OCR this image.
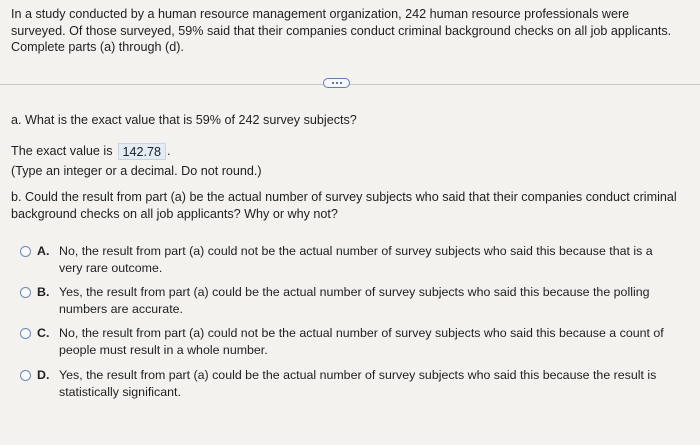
In a study conducted by a human resource management organization, 242 human resource professionals were
surveyed. Of those surveyed, 59% said that their companies conduct criminal background checks on all job applicants.
Complete parts (a) through (d).
a. What is the exact value that is 59% of 242 survey subjects?
The exact value is 142.78 .
(Type an integer or a decimal. Do not round.)
b. Could the result from part (a) be the actual number of survey subjects who said that their companies conduct criminal
background checks on all job applicants? Why or why not?
A. No, the result from part (a) could not be the actual number of survey subjects who said this because that is a
very rare outcome.
B. Yes, the result from part (a) could be the actual number of survey subjects who said this because the polling
numbers are accurate.
C. No, the result from part (a) could not be the actual number of survey subjects who said this because a count of
people must result in a whole number.
D. Yes, the result from part (a) could be the actual number of survey subjects who said this because the result is
statistically significant.
